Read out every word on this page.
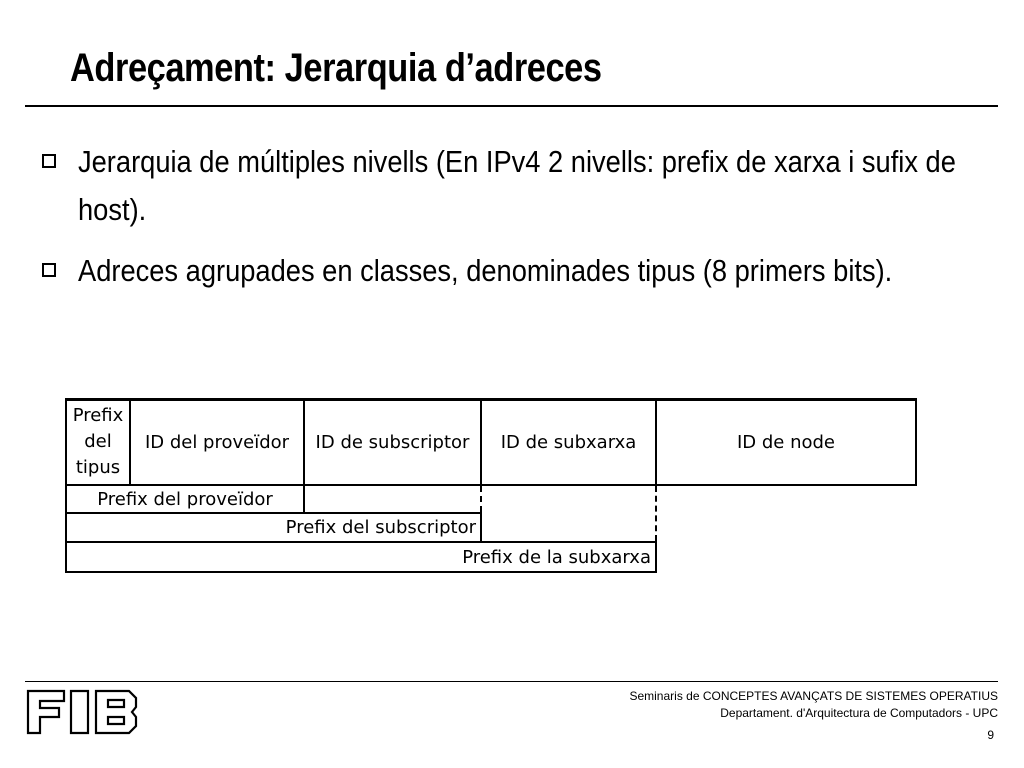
Adreçament: Jerarquia d’adreces
Jerarquia de múltiples nivells (En IPv4 2 nivells: prefix de xarxa i sufix de host).
Adreces agrupades en classes, denominades tipus (8 primers bits).
Prefix
del
tipus
ID del proveïdor ID de subscriptor ID de subxarxa	ID de node
Prefix del proveïdor
Prefix del subscriptor
Prefix de la subxarxa
Seminaris de CONCEPTES AVANÇATS DE SISTEMES OPERATIUS
Departament. d'Arquitectura de Computadors - UPC
9
